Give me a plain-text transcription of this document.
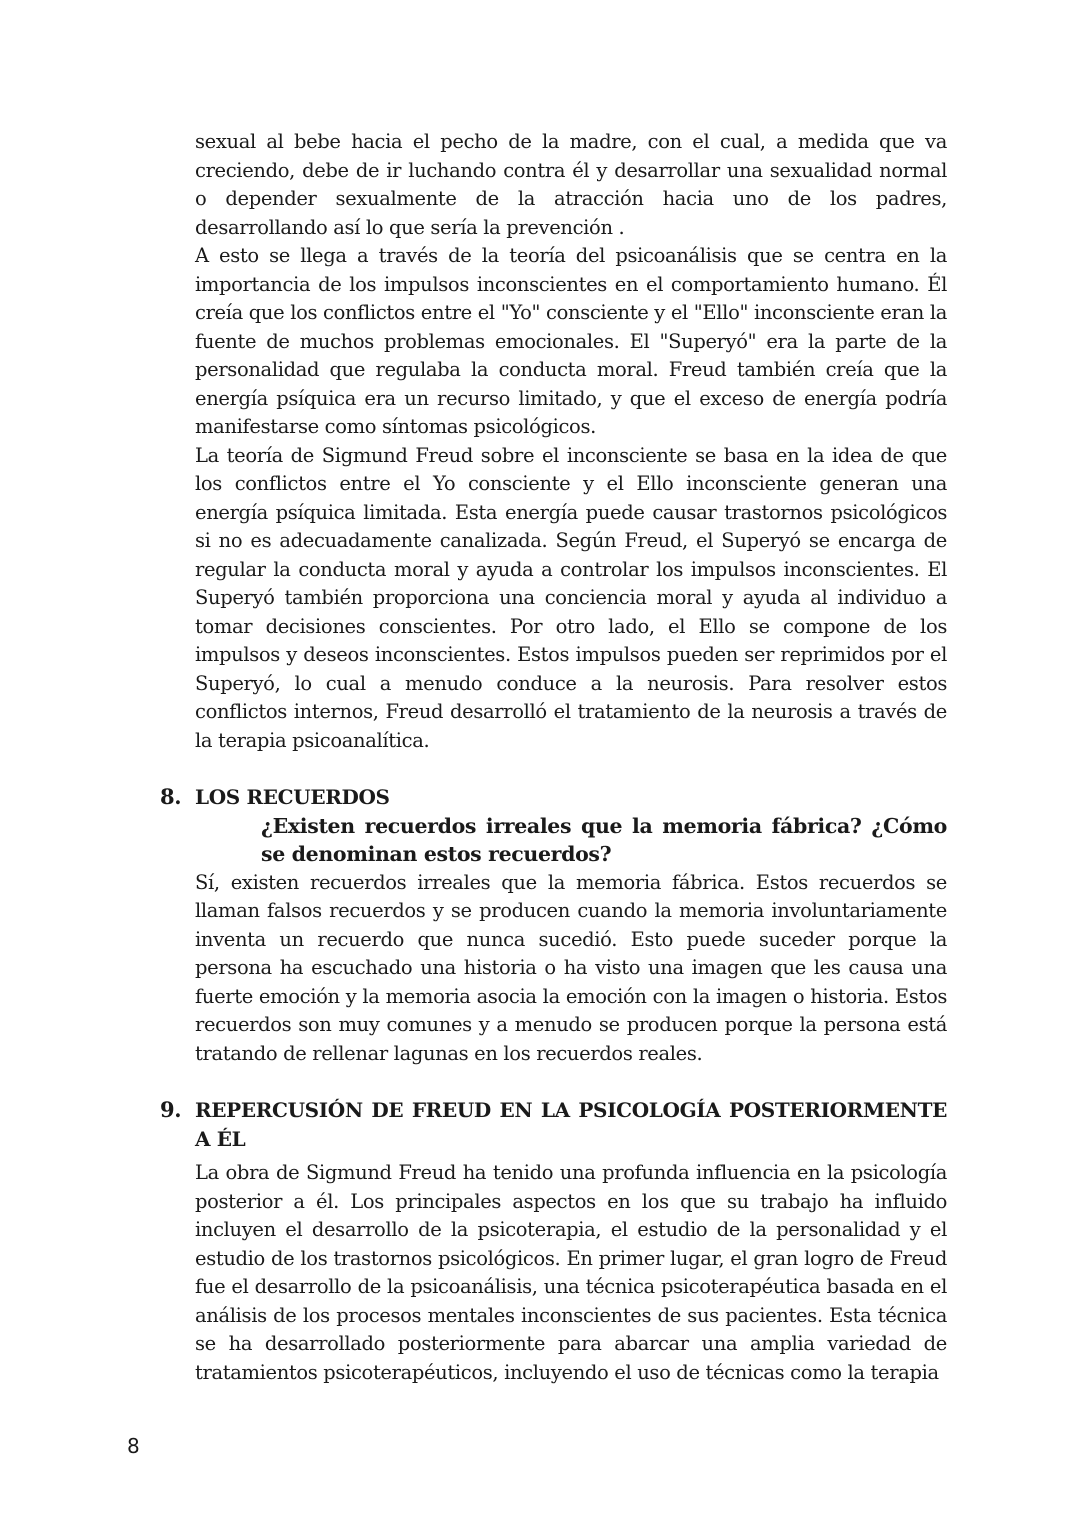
sexual al bebe hacia el pecho de la madre, con el cual, a medida que va creciendo, debe de ir luchando contra él y desarrollar una sexualidad normal o depender sexualmente de la atracción hacia uno de los padres, desarrollando así lo que sería la prevención .

A esto se llega a través de la teoría del psicoanálisis que se centra en la importancia de los impulsos inconscientes en el comportamiento humano. Él creía que los conflictos entre el "Yo" consciente y el "Ello" inconsciente eran la fuente de muchos problemas emocionales. El "Superyó" era la parte de la personalidad que regulaba la conducta moral. Freud también creía que la energía psíquica era un recurso limitado, y que el exceso de energía podría manifestarse como síntomas psicológicos.

La teoría de Sigmund Freud sobre el inconsciente se basa en la idea de que los conflictos entre el Yo consciente y el Ello inconsciente generan una energía psíquica limitada. Esta energía puede causar trastornos psicológicos si no es adecuadamente canalizada. Según Freud, el Superyó se encarga de regular la conducta moral y ayuda a controlar los impulsos inconscientes. El Superyó también proporciona una conciencia moral y ayuda al individuo a tomar decisiones conscientes. Por otro lado, el Ello se compone de los impulsos y deseos inconscientes. Estos impulsos pueden ser reprimidos por el Superyó, lo cual a menudo conduce a la neurosis. Para resolver estos conflictos internos, Freud desarrolló el tratamiento de la neurosis a través de la terapia psicoanalítica.

8. LOS RECUERDOS

¿Existen recuerdos irreales que la memoria fábrica? ¿Cómo se denominan estos recuerdos?

Sí, existen recuerdos irreales que la memoria fábrica. Estos recuerdos se llaman falsos recuerdos y se producen cuando la memoria involuntariamente inventa un recuerdo que nunca sucedió. Esto puede suceder porque la persona ha escuchado una historia o ha visto una imagen que les causa una fuerte emoción y la memoria asocia la emoción con la imagen o historia. Estos recuerdos son muy comunes y a menudo se producen porque la persona está tratando de rellenar lagunas en los recuerdos reales.

9. REPERCUSIÓN DE FREUD EN LA PSICOLOGÍA POSTERIORMENTE A ÉL

La obra de Sigmund Freud ha tenido una profunda influencia en la psicología posterior a él. Los principales aspectos en los que su trabajo ha influido incluyen el desarrollo de la psicoterapia, el estudio de la personalidad y el estudio de los trastornos psicológicos. En primer lugar, el gran logro de Freud fue el desarrollo de la psicoanálisis, una técnica psicoterapéutica basada en el análisis de los procesos mentales inconscientes de sus pacientes. Esta técnica se ha desarrollado posteriormente para abarcar una amplia variedad de tratamientos psicoterapéuticos, incluyendo el uso de técnicas como la terapia

8
